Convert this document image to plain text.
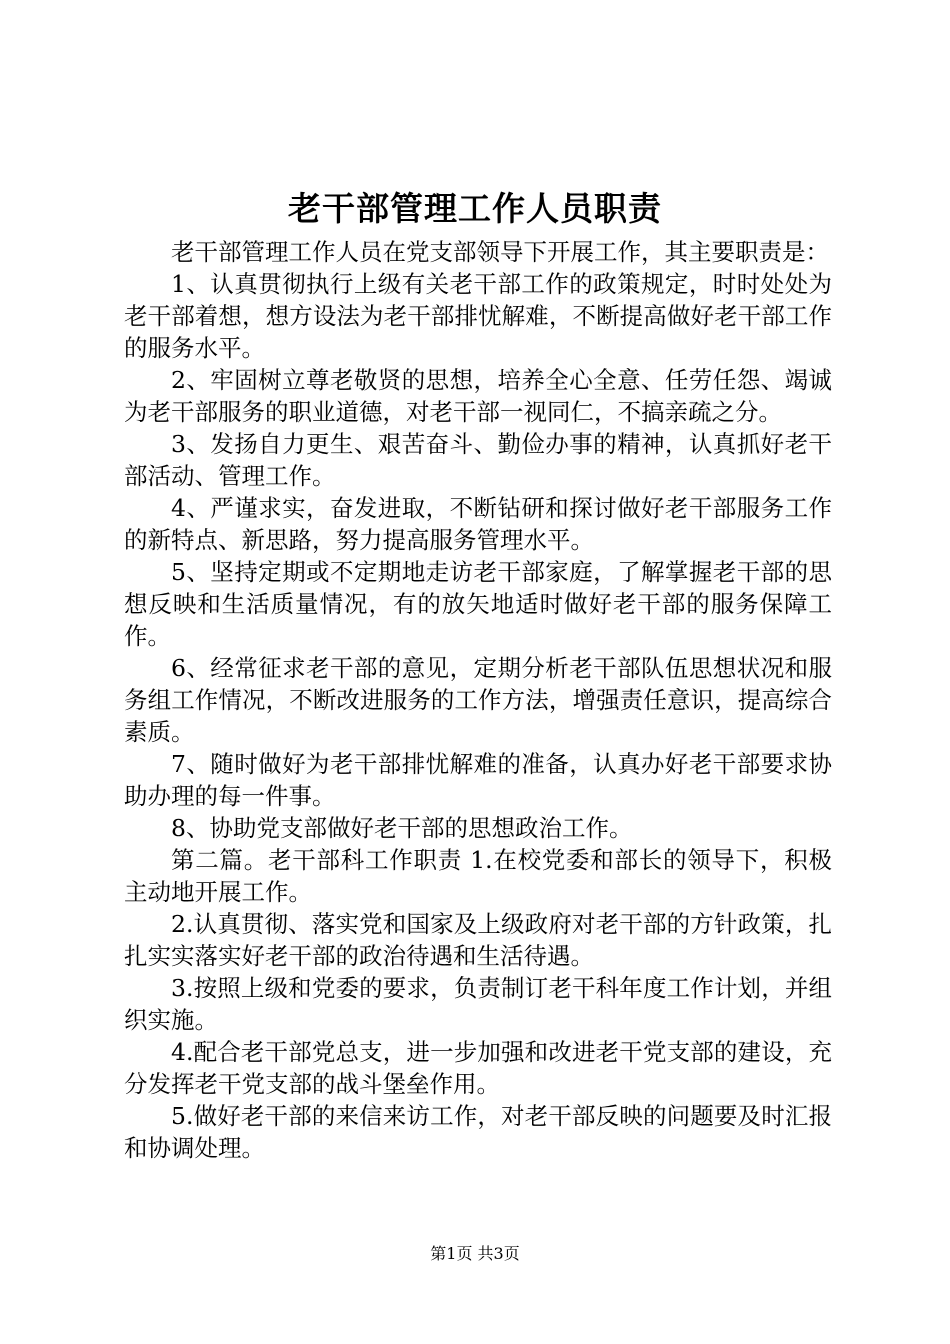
老干部管理工作人员职责

老干部管理工作人员在党支部领导下开展工作，其主要职责是：

1、认真贯彻执行上级有关老干部工作的政策规定，时时处处为老干部着想，想方设法为老干部排忧解难，不断提高做好老干部工作的服务水平。

2、牢固树立尊老敬贤的思想，培养全心全意、任劳任怨、竭诚为老干部服务的职业道德，对老干部一视同仁，不搞亲疏之分。

3、发扬自力更生、艰苦奋斗、勤俭办事的精神，认真抓好老干部活动、管理工作。

4、严谨求实，奋发进取，不断钻研和探讨做好老干部服务工作的新特点、新思路，努力提高服务管理水平。

5、坚持定期或不定期地走访老干部家庭，了解掌握老干部的思想反映和生活质量情况，有的放矢地适时做好老干部的服务保障工作。

6、经常征求老干部的意见，定期分析老干部队伍思想状况和服务组工作情况，不断改进服务的工作方法，增强责任意识，提高综合素质。

7、随时做好为老干部排忧解难的准备，认真办好老干部要求协助办理的每一件事。

8、协助党支部做好老干部的思想政治工作。

第二篇。老干部科工作职责 1.在校党委和部长的领导下，积极主动地开展工作。

2.认真贯彻、落实党和国家及上级政府对老干部的方针政策，扎扎实实落实好老干部的政治待遇和生活待遇。

3.按照上级和党委的要求，负责制订老干科年度工作计划，并组织实施。

4.配合老干部党总支，进一步加强和改进老干党支部的建设，充分发挥老干党支部的战斗堡垒作用。

5.做好老干部的来信来访工作，对老干部反映的问题要及时汇报和协调处理。

第1页 共3页
